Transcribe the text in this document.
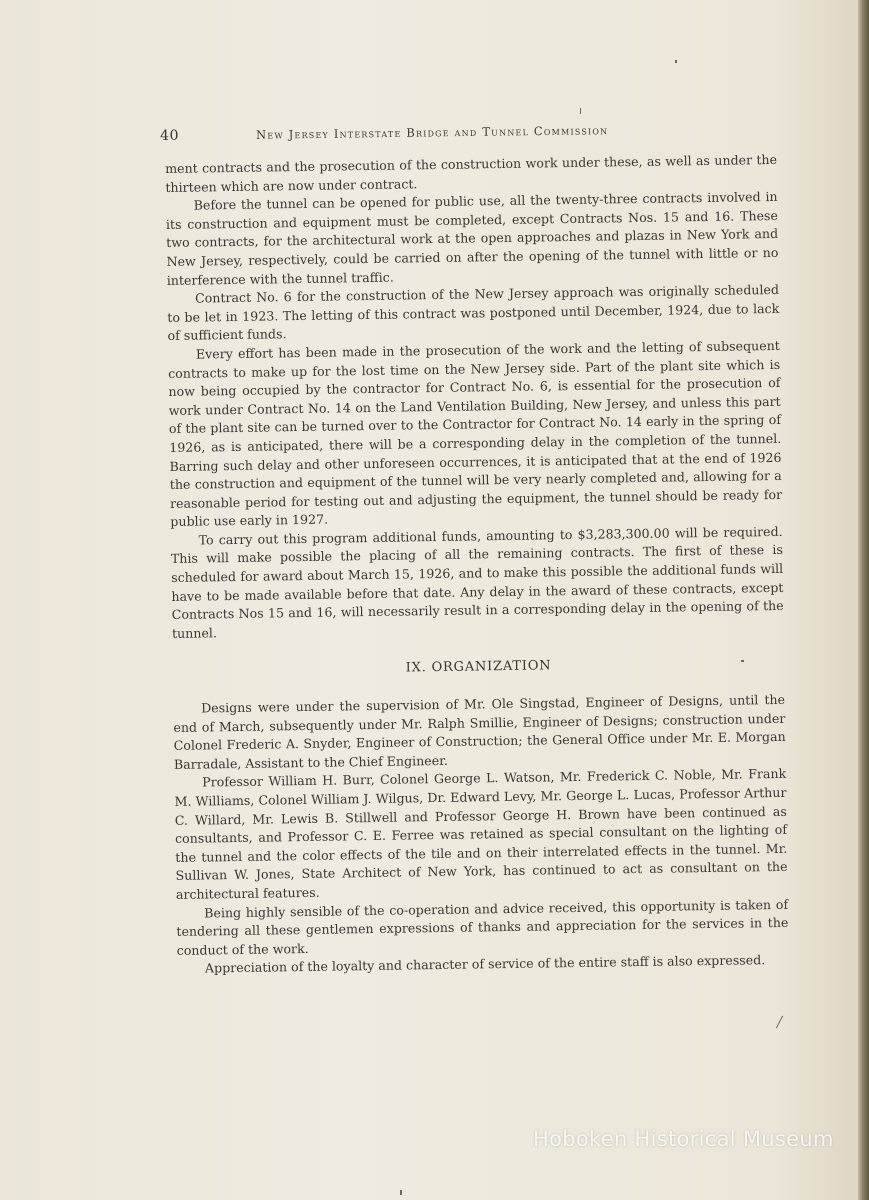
40	New Jersey Interstate Bridge and Tunnel Commission

ment contracts and the prosecution of the construction work under these, as well as under the thirteen which are now under contract.

Before the tunnel can be opened for public use, all the twenty-three contracts involved in its construction and equipment must be completed, except Contracts Nos. 15 and 16. These two contracts, for the architectural work at the open approaches and plazas in New York and New Jersey, respectively, could be carried on after the opening of the tunnel with little or no interference with the tunnel traffic.

Contract No. 6 for the construction of the New Jersey approach was originally scheduled to be let in 1923. The letting of this contract was postponed until December, 1924, due to lack of sufficient funds.

Every effort has been made in the prosecution of the work and the letting of subsequent contracts to make up for the lost time on the New Jersey side. Part of the plant site which is now being occupied by the contractor for Contract No. 6, is essential for the prosecution of work under Contract No. 14 on the Land Ventilation Building, New Jersey, and unless this part of the plant site can be turned over to the Contractor for Contract No. 14 early in the spring of 1926, as is anticipated, there will be a corresponding delay in the completion of the tunnel. Barring such delay and other unforeseen occurrences, it is anticipated that at the end of 1926 the construction and equipment of the tunnel will be very nearly completed and, allowing for a reasonable period for testing out and adjusting the equipment, the tunnel should be ready for public use early in 1927.

To carry out this program additional funds, amounting to $3,283,300.00 will be required. This will make possible the placing of all the remaining contracts. The first of these is scheduled for award about March 15, 1926, and to make this possible the additional funds will have to be made available before that date. Any delay in the award of these contracts, except Contracts Nos 15 and 16, will necessarily result in a corresponding delay in the opening of the tunnel.

IX. ORGANIZATION

Designs were under the supervision of Mr. Ole Singstad, Engineer of Designs, until the end of March, subsequently under Mr. Ralph Smillie, Engineer of Designs; construction under Colonel Frederic A. Snyder, Engineer of Construction; the General Office under Mr. E. Morgan Barradale, Assistant to the Chief Engineer.

Professor William H. Burr, Colonel George L. Watson, Mr. Frederick C. Noble, Mr. Frank M. Williams, Colonel William J. Wilgus, Dr. Edward Levy, Mr. George L. Lucas, Professor Arthur C. Willard, Mr. Lewis B. Stillwell and Professor George H. Brown have been continued as consultants, and Professor C. E. Ferree was retained as special consultant on the lighting of the tunnel and the color effects of the tile and on their interrelated effects in the tunnel. Mr. Sullivan W. Jones, State Architect of New York, has continued to act as consultant on the architectural features.

Being highly sensible of the co-operation and advice received, this opportunity is taken of tendering all these gentlemen expressions of thanks and appreciation for the services in the conduct of the work.

Appreciation of the loyalty and character of service of the entire staff is also expressed.

Hoboken Historical Museum
